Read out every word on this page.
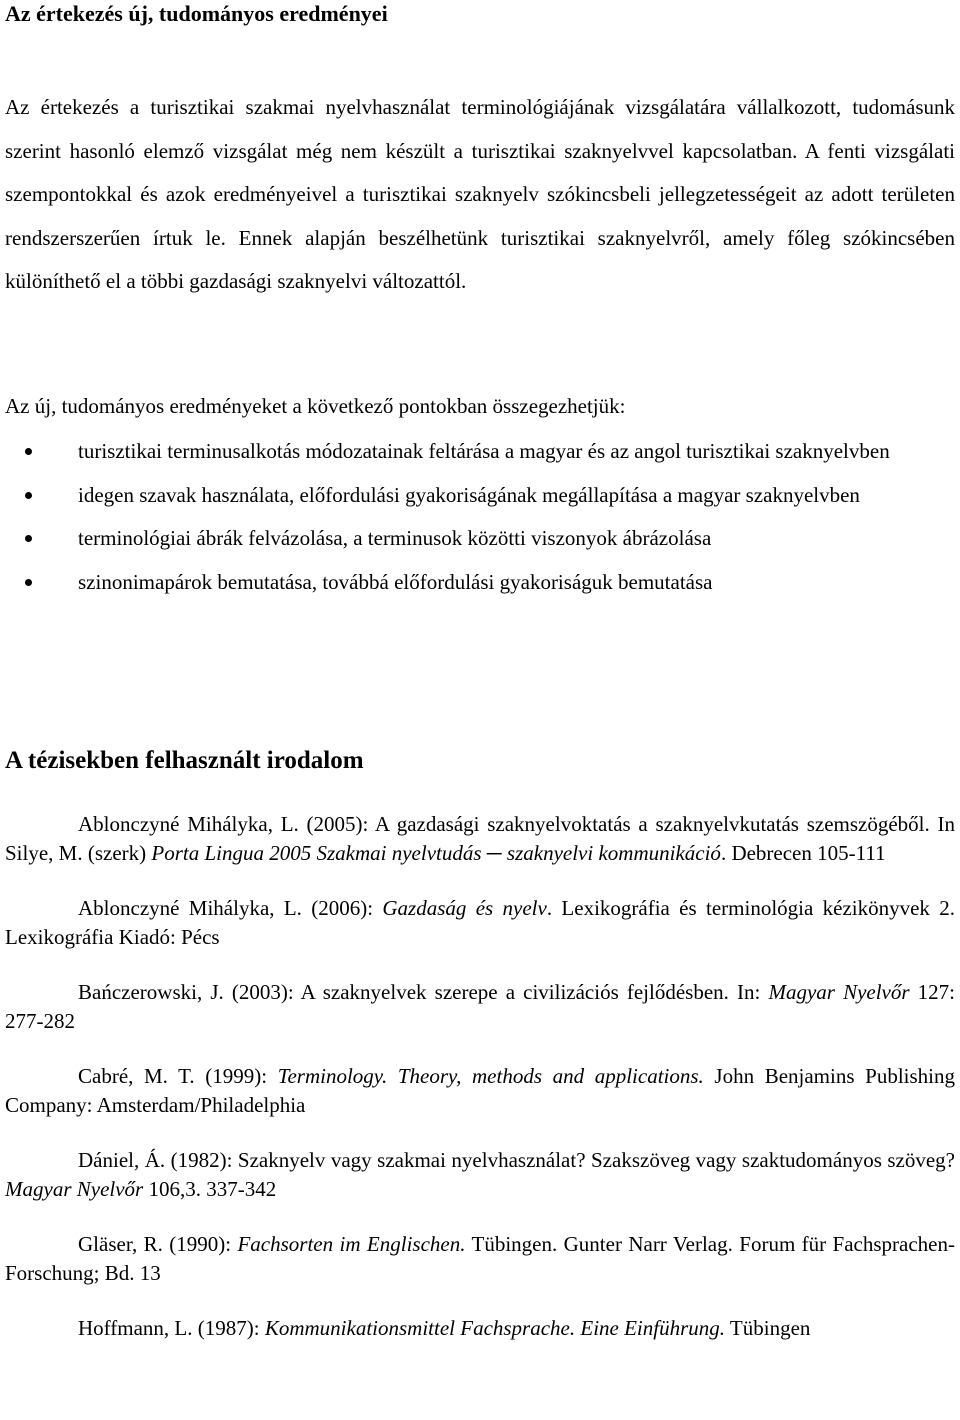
Az értekezés új, tudományos eredményei

Az értekezés a turisztikai szakmai nyelvhasználat terminológiájának vizsgálatára vállalkozott, tudomásunk szerint hasonló elemző vizsgálat még nem készült a turisztikai szaknyelvvel kapcsolatban. A fenti vizsgálati szempontokkal és azok eredményeivel a turisztikai szaknyelv szókincsbeli jellegzetességeit az adott területen rendszerszerűen írtuk le. Ennek alapján beszélhetünk turisztikai szaknyelvről, amely főleg szókincsében különíthető el a többi gazdasági szaknyelvi változattól.

Az új, tudományos eredményeket a következő pontokban összegezhetjük:

turisztikai terminusalkotás módozatainak feltárása a magyar és az angol turisztikai szaknyelvben
idegen szavak használata, előfordulási gyakoriságának megállapítása a magyar szaknyelvben
terminológiai ábrák felvázolása, a terminusok közötti viszonyok ábrázolása
szinonimapárok bemutatása, továbbá előfordulási gyakoriságuk bemutatása
A tézisekben felhasznált irodalom

Ablonczyné Mihályka, L. (2005): A gazdasági szaknyelvoktatás a szaknyelvkutatás szemszögéből. In Silye, M. (szerk) Porta Lingua 2005 Szakmai nyelvtudás ─ szaknyelvi kommunikáció. Debrecen 105-111

Ablonczyné Mihályka, L. (2006): Gazdaság és nyelv. Lexikográfia és terminológia kézikönyvek 2. Lexikográfia Kiadó: Pécs

Bańczerowski, J. (2003): A szaknyelvek szerepe a civilizációs fejlődésben. In: Magyar Nyelvőr 127: 277-282

Cabré, M. T. (1999): Terminology. Theory, methods and applications. John Benjamins Publishing Company: Amsterdam/Philadelphia

Dániel, Á. (1982): Szaknyelv vagy szakmai nyelvhasználat? Szakszöveg vagy szaktudományos szöveg? Magyar Nyelvőr 106,3. 337-342

Gläser, R. (1990): Fachsorten im Englischen. Tübingen. Gunter Narr Verlag. Forum für Fachsprachen-Forschung; Bd. 13

Hoffmann, L. (1987): Kommunikationsmittel Fachsprache. Eine Einführung. Tübingen
